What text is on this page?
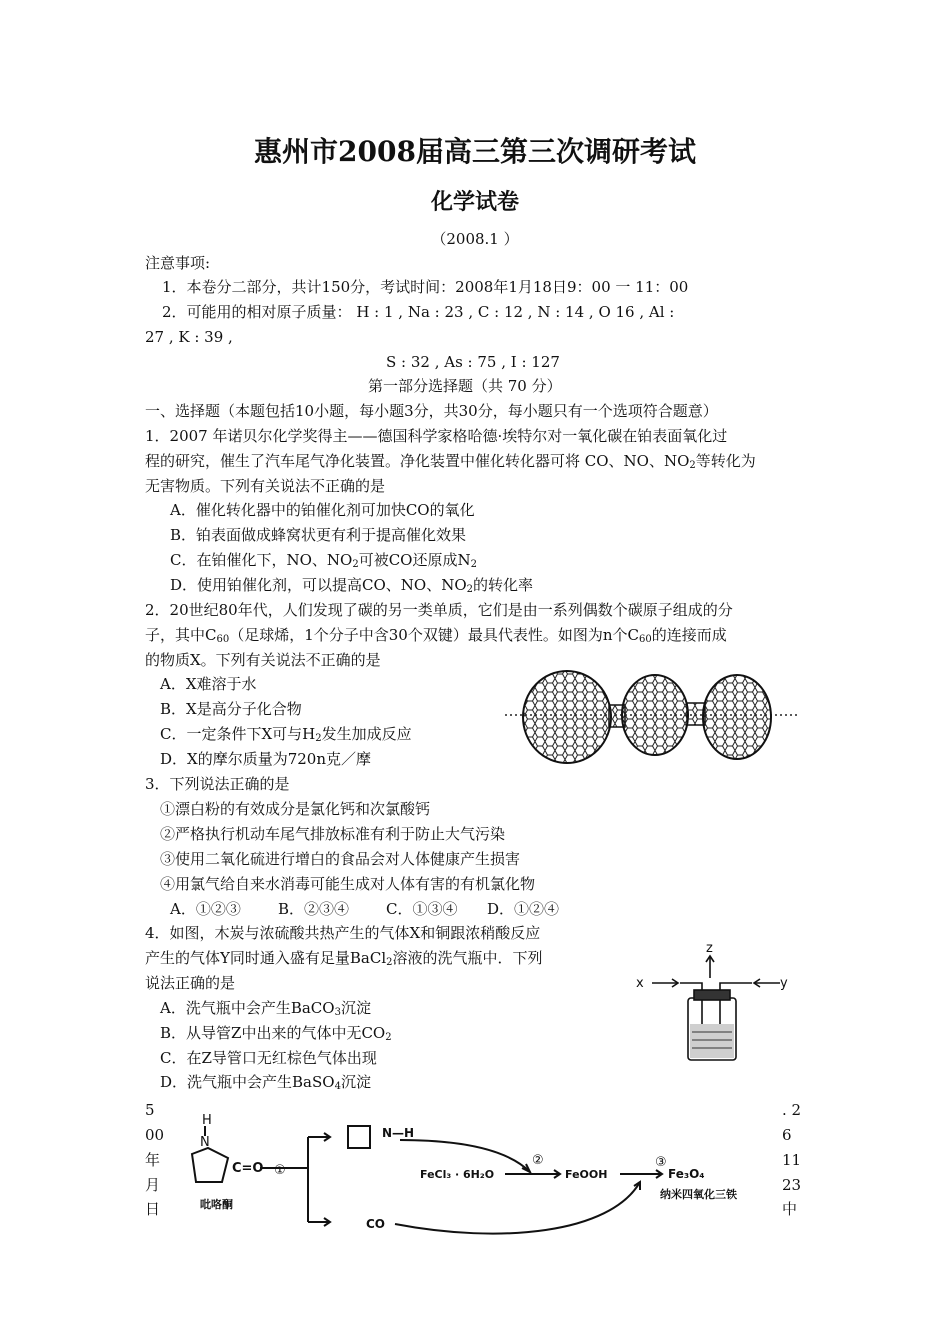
惠州市2008届高三第三次调研考试
化学试卷
（2008.1 ）
注意事项:
1．本卷分二部分，共计150分，考试时间：2008年1月18日9：00 一 11：00
2．可能用的相对原子质量： H : 1 , Na : 23 , C : 12 , N : 14 , O 16 , Al :
27 , K : 39 ,
S : 32 , As : 75 , I : 127
第一部分选择题（共 70 分）
一、选择题（本题包括10小题，每小题3分，共30分，每小题只有一个选项符合题意）
1．2007 年诺贝尔化学奖得主——德国科学家格哈德·埃特尔对一氧化碳在铂表面氧化过
程的研究，催生了汽车尾气净化装置。净化装置中催化转化器可将 CO、NO、$NO_2$等转化为
无害物质。下列有关说法不正确的是
A．催化转化器中的铂催化剂可加快CO的氧化
B．铂表面做成蜂窝状更有利于提高催化效果
C．在铂催化下，NO、$NO_2$可被CO还原成$N_2$
D．使用铂催化剂，可以提高CO、NO、$NO_2$的转化率
2．20世纪80年代，人们发现了碳的另一类单质，它们是由一系列偶数个碳原子组成的分
子，其中$C_{60}$（足球烯，1个分子中含30个双键）最具代表性。如图为n个$C_{60}$的连接而成
的物质X。下列有关说法不正确的是
A．X难溶于水
B．X是高分子化合物
C．一定条件下X可与$H_2$发生加成反应
D．X的摩尔质量为720n克／摩
3．下列说法正确的是
①漂白粉的有效成分是氯化钙和次氯酸钙
②严格执行机动车尾气排放标准有利于防止大气污染
③使用二氧化硫进行增白的食品会对人体健康产生损害
④用氯气给自来水消毒可能生成对人体有害的有机氯化物
A．①②③ B．②③④ C．①③④ D．①②④
4．如图，木炭与浓硫酸共热产生的气体X和铜跟浓稍酸反应
产生的气体Y同时通入盛有足量BaCl$_2$溶液的洗气瓶中．下列
说法正确的是
A．洗气瓶中会产生BaCO$_3$沉淀
B．从导管Z中出来的气体中无$CO_2$
C．在Z导管口无红棕色气体出现
D．洗气瓶中会产生BaSO$_4$沉淀
x	y
z
5
00
年
月
日
. 2
6
11
23
中
H
N
C=O
吡咯酮
①
N—H
FeCl₃ · 6H₂O
②
FeOOH
③
Fe₃O₄
纳米四氧化三铁
CO
